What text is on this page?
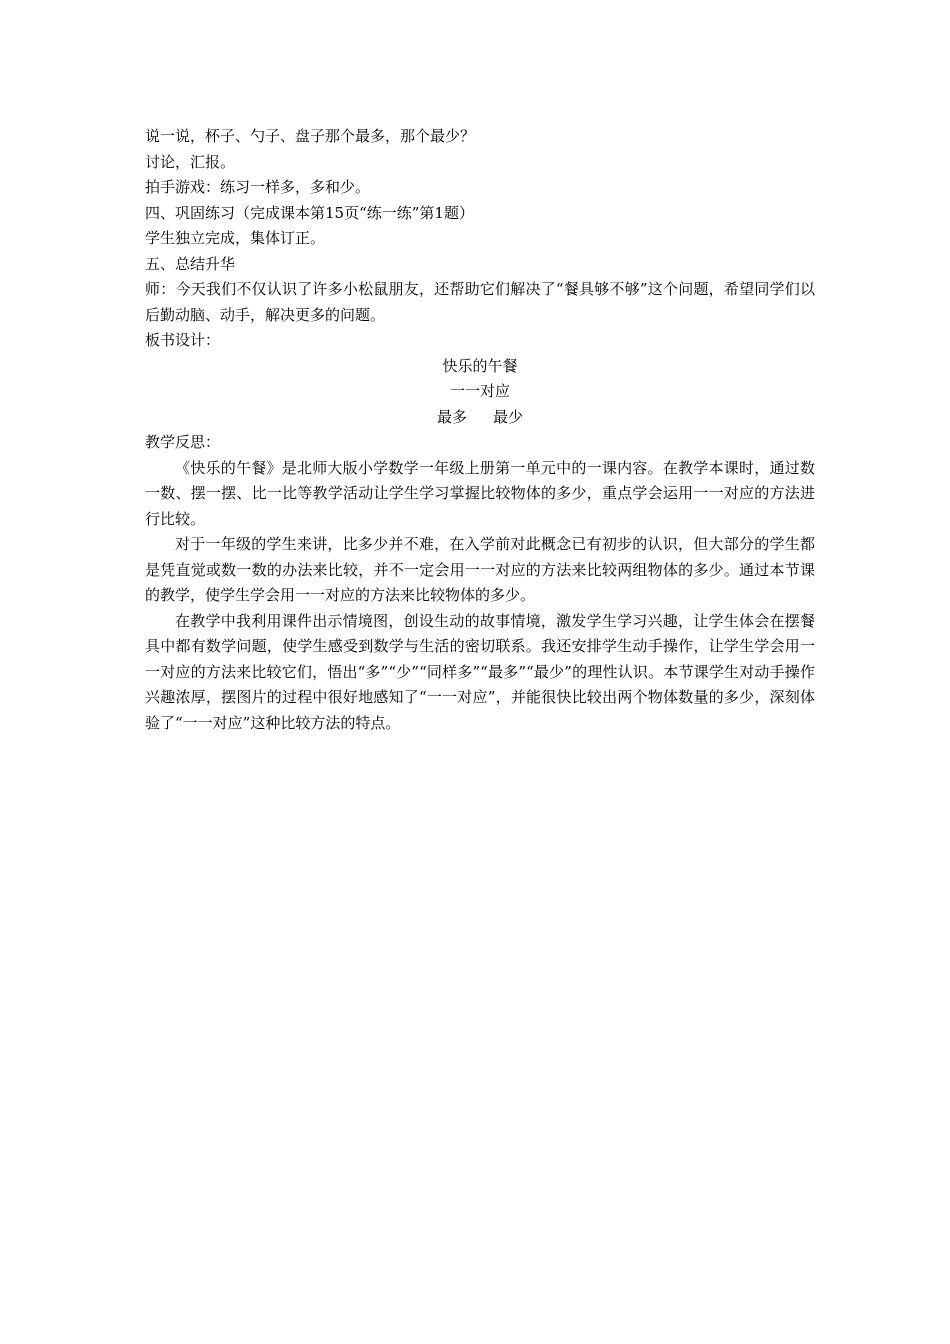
说一说，杯子、勺子、盘子那个最多，那个最少？
讨论，汇报。
拍手游戏：练习一样多，多和少。
四、巩固练习（完成课本第15页“练一练”第1题）
学生独立完成，集体订正。
五、总结升华
师：今天我们不仅认识了许多小松鼠朋友，还帮助它们解决了“餐具够不够”这个问题，希望同学们以后勤动脑、动手，解决更多的问题。
板书设计：
快乐的午餐
一一对应
最多 最少
教学反思：
《快乐的午餐》是北师大版小学数学一年级上册第一单元中的一课内容。在教学本课时，通过数一数、摆一摆、比一比等教学活动让学生学习掌握比较物体的多少，重点学会运用一一对应的方法进行比较。
对于一年级的学生来讲，比多少并不难，在入学前对此概念已有初步的认识，但大部分的学生都是凭直觉或数一数的办法来比较，并不一定会用一一对应的方法来比较两组物体的多少。通过本节课的教学，使学生学会用一一对应的方法来比较物体的多少。
在教学中我利用课件出示情境图，创设生动的故事情境，激发学生学习兴趣，让学生体会在摆餐具中都有数学问题，使学生感受到数学与生活的密切联系。我还安排学生动手操作，让学生学会用一一对应的方法来比较它们，悟出“多”“少”“同样多”“最多”“最少”的理性认识。本节课学生对动手操作兴趣浓厚，摆图片的过程中很好地感知了“一一对应”，并能很快比较出两个物体数量的多少，深刻体验了“一一对应”这种比较方法的特点。
